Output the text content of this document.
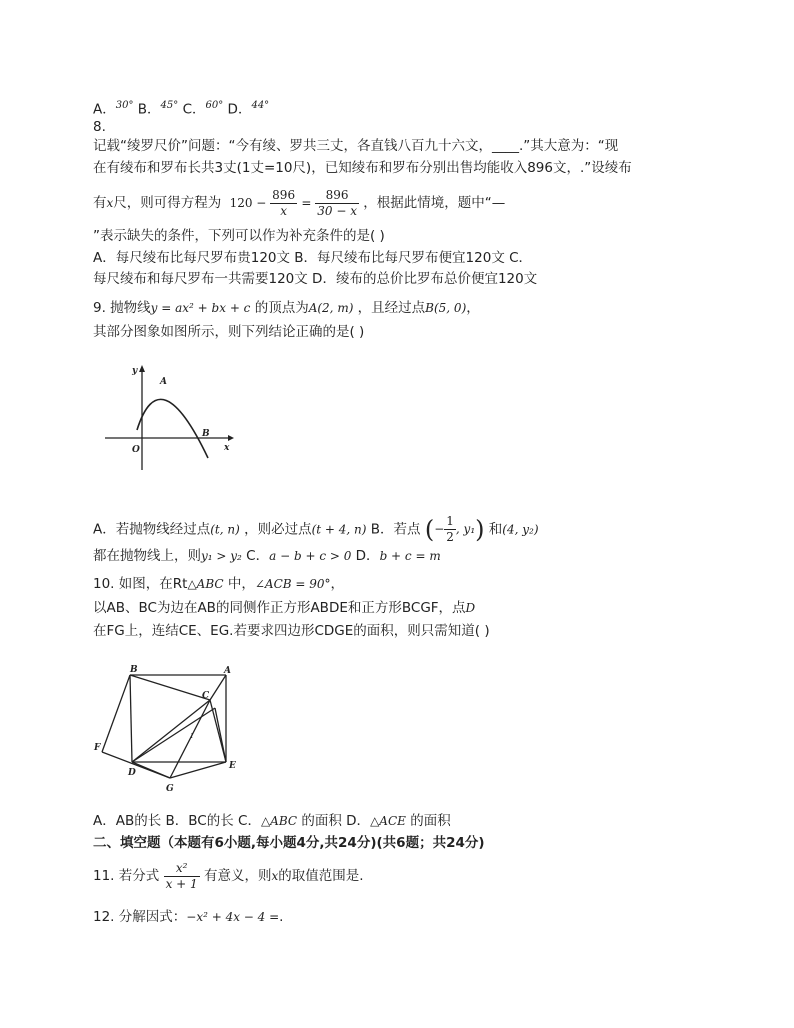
A．$^{30^\circ}$ B．$^{45^\circ}$ C．$^{60^\circ}$ D．$^{44^\circ}$
8.
记载“绫罗尺价”问题：“今有绫、罗共三丈，各直钱八百九十六文，____.”其大意为：“现
在有绫布和罗布长共3丈(1丈=10尺)，已知绫布和罗布分别出售均能收入896文，.”设绫布
有x尺，则可得方程为 $120 - \frac{896}{x} = \frac{896}{30 - x}$ ，根据此情境，题中“—
”表示缺失的条件，下列可以作为补充条件的是( )
A．每尺绫布比每尺罗布贵120文 B．每尺绫布比每尺罗布便宜120文 C．
每尺绫布和每尺罗布一共需要120文 D．绫布的总价比罗布总价便宜120文
9. 抛物线y = ax² + bx + c 的顶点为A(2, m) ，且经过点B(5, 0)，
其部分图象如图所示，则下列结论正确的是( )
y
x
O
A
B
A．若抛物线经过点(t, n) ，则必过点(t + 4, n) B．若点 (− $\frac{1}{2}$ , y₁) 和(4, y₂)
都在抛物线上，则y₁ > y₂ C．a − b + c > 0 D．b + c = m
10. 如图，在Rt△ABC 中，∠ACB = 90°，
以AB、BC为边在AB的同侧作正方形ABDE和正方形BCGF，点D
在FG上，连结CE、EG.若要求四边形CDGE的面积，则只需知道( )
B	A
C
F
D
E
G
1
A．AB的长 B．BC的长 C．△ABC 的面积 D．△ACE 的面积
二、填空题（本题有6小题,每小题4分,共24分)(共6题；共24分)
11. 若分式 $\frac{\text{x²}}{x + 1}$ 有意义，则x的取值范围是.
12. 分解因式：−x² + 4x − 4 =.
